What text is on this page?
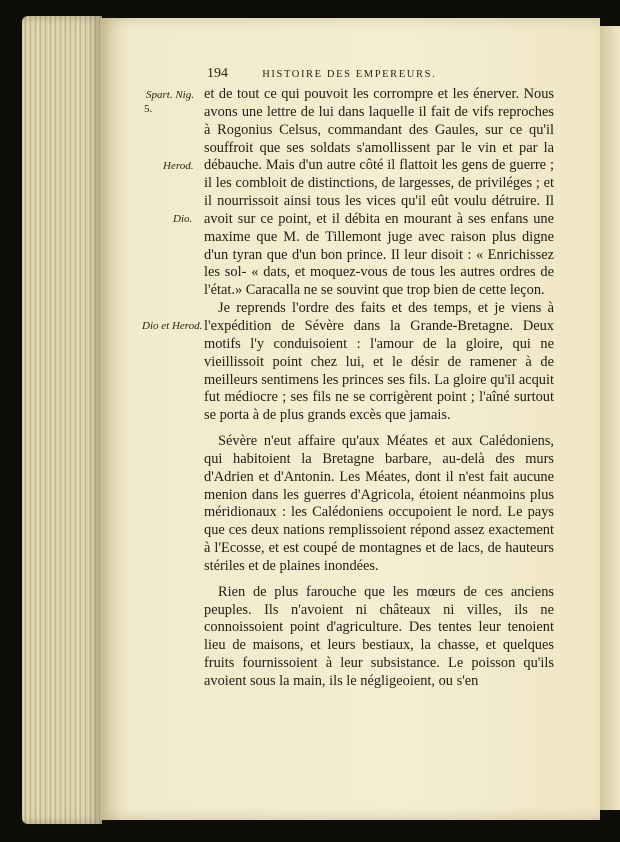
194	HISTOIRE DES EMPEREURS.
Spart. Nig.
5.
Herod.
Dio.
Dio et Herod.

et de tout ce qui pouvoit les corrompre et les énerver. Nous avons une lettre de lui dans laquelle il fait de vifs reproches à Rogonius Celsus, commandant des Gaules, sur ce qu'il souffroit que ses soldats s'amollissent par le vin et par la débauche. Mais d'un autre côté il flattoit les gens de guerre ; il les combloit de distinctions, de largesses, de priviléges ; et il nourrissoit ainsi tous les vices qu'il eût voulu détruire. Il avoit sur ce point, et il débita en mourant à ses enfans une maxime que M. de Tillemont juge avec raison plus digne d'un tyran que d'un bon prince. Il leur disoit : « Enrichissez les sol- « dats, et moquez-vous de tous les autres ordres de l'état.» Caracalla ne se souvint que trop bien de cette leçon.

Je reprends l'ordre des faits et des temps, et je viens à l'expédition de Sévère dans la Grande-Bretagne. Deux motifs l'y conduisoient : l'amour de la gloire, qui ne vieillissoit point chez lui, et le désir de ramener à de meilleurs sentimens les princes ses fils. La gloire qu'il acquit fut médiocre ; ses fils ne se corrigèrent point ; l'aîné surtout se porta à de plus grands excès que jamais.

Sévère n'eut affaire qu'aux Méates et aux Calédoniens, qui habitoient la Bretagne barbare, au-delà des murs d'Adrien et d'Antonin. Les Méates, dont il n'est fait aucune menion dans les guerres d'Agricola, étoient néanmoins plus méridionaux : les Calédoniens occupoient le nord. Le pays que ces deux nations remplissoient répond assez exactement à l'Ecosse, et est coupé de montagnes et de lacs, de hauteurs stériles et de plaines inondées.

Rien de plus farouche que les mœurs de ces anciens peuples. Ils n'avoient ni châteaux ni villes, ils ne connoissoient point d'agriculture. Des tentes leur tenoient lieu de maisons, et leurs bestiaux, la chasse, et quelques fruits fournissoient à leur subsistance. Le poisson qu'ils avoient sous la main, ils le négligeoient, ou s'en
